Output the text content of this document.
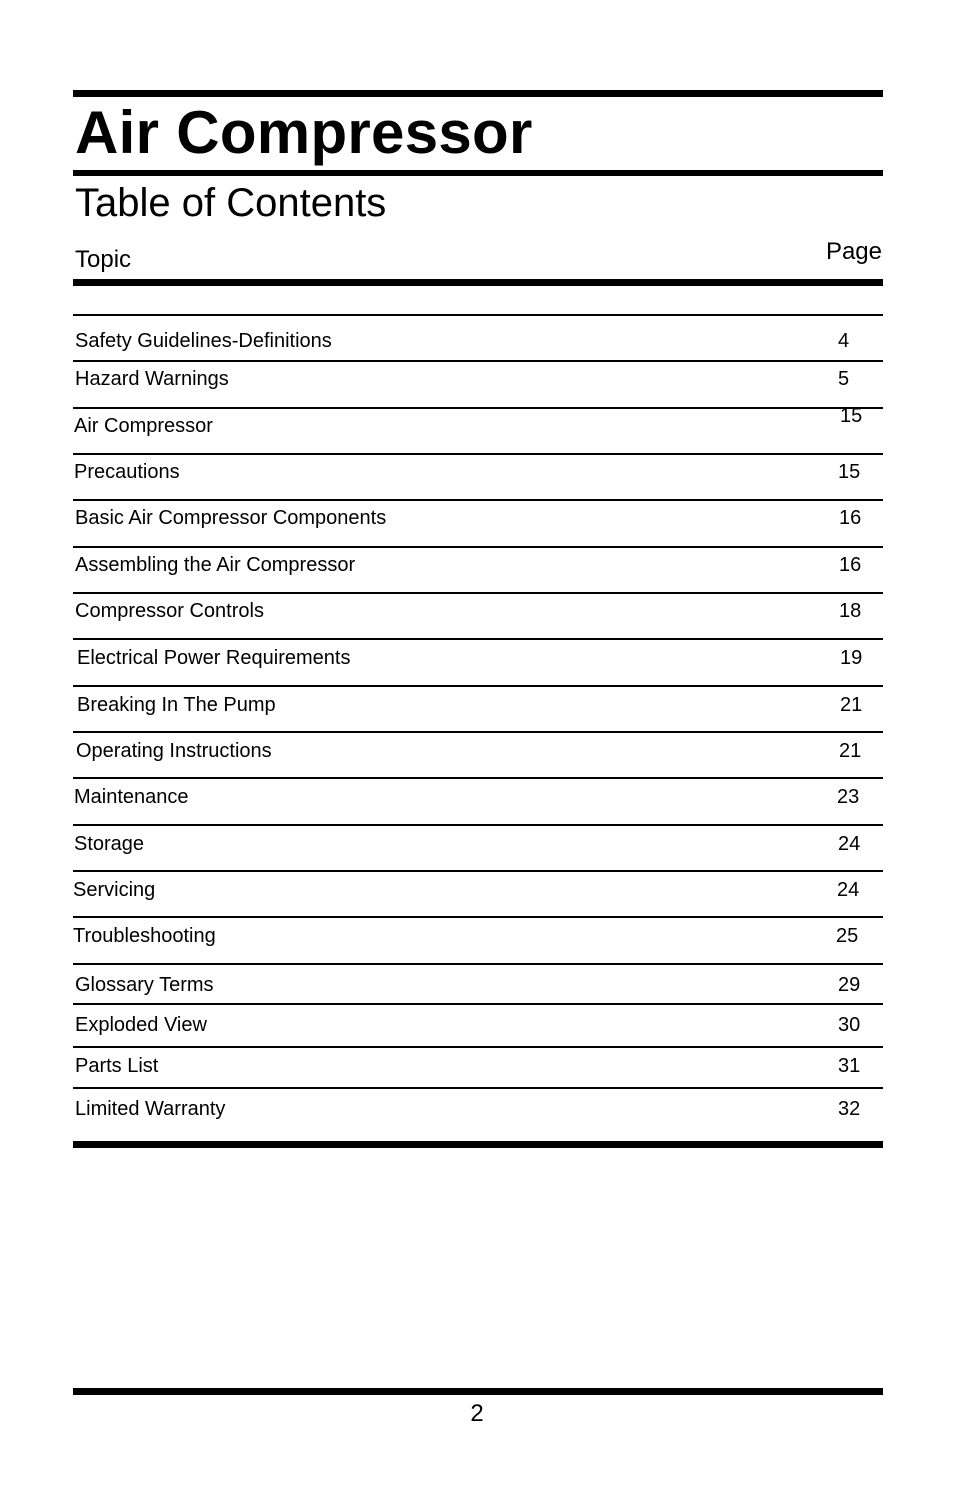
Air Compressor
Table of Contents
Topic	Page
Safety Guidelines-Definitions	4
Hazard Warnings	5
Air Compressor	15
Precautions	15
Basic Air Compressor Components	16
Assembling the Air Compressor	16
Compressor Controls	18
Electrical Power Requirements	19
Breaking In The Pump	21
Operating Instructions	21
Maintenance	23
Storage	24
Servicing	24
Troubleshooting	25
Glossary Terms	29
Exploded View	30
Parts List	31
Limited Warranty	32
2
